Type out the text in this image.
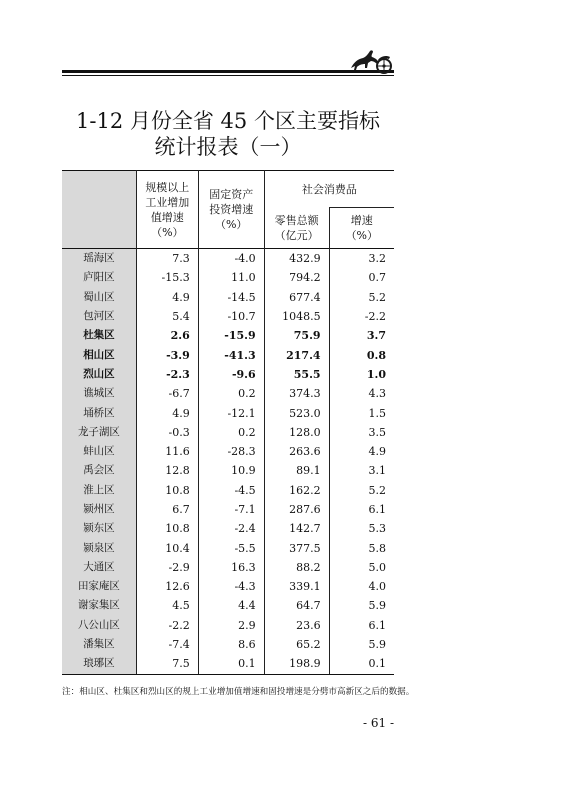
1-12 月份全省 45 个区主要指标
统计报表（一）
	规模以上
工业增加
值增速
（%）	固定资产
投资增速
（%）	社会消费品	
			零售总额
（亿元）	增速
（%）
瑶海区	7.3	-4.0	432.9	3.2
庐阳区	-15.3	11.0	794.2	0.7
蜀山区	4.9	-14.5	677.4	5.2
包河区	5.4	-10.7	1048.5	-2.2
杜集区	2.6	-15.9	75.9	3.7
相山区	-3.9	-41.3	217.4	0.8
烈山区	-2.3	-9.6	55.5	1.0
谯城区	-6.7	0.2	374.3	4.3
埇桥区	4.9	-12.1	523.0	1.5
龙子湖区	-0.3	0.2	128.0	3.5
蚌山区	11.6	-28.3	263.6	4.9
禹会区	12.8	10.9	89.1	3.1
淮上区	10.8	-4.5	162.2	5.2
颍州区	6.7	-7.1	287.6	6.1
颍东区	10.8	-2.4	142.7	5.3
颍泉区	10.4	-5.5	377.5	5.8
大通区	-2.9	16.3	88.2	5.0
田家庵区	12.6	-4.3	339.1	4.0
谢家集区	4.5	4.4	64.7	5.9
八公山区	-2.2	2.9	23.6	6.1
潘集区	-7.4	8.6	65.2	5.9
琅琊区	7.5	0.1	198.9	0.1
注：相山区、杜集区和烈山区的规上工业增加值增速和固投增速是分劈市高新区之后的数据。
- 61 -
